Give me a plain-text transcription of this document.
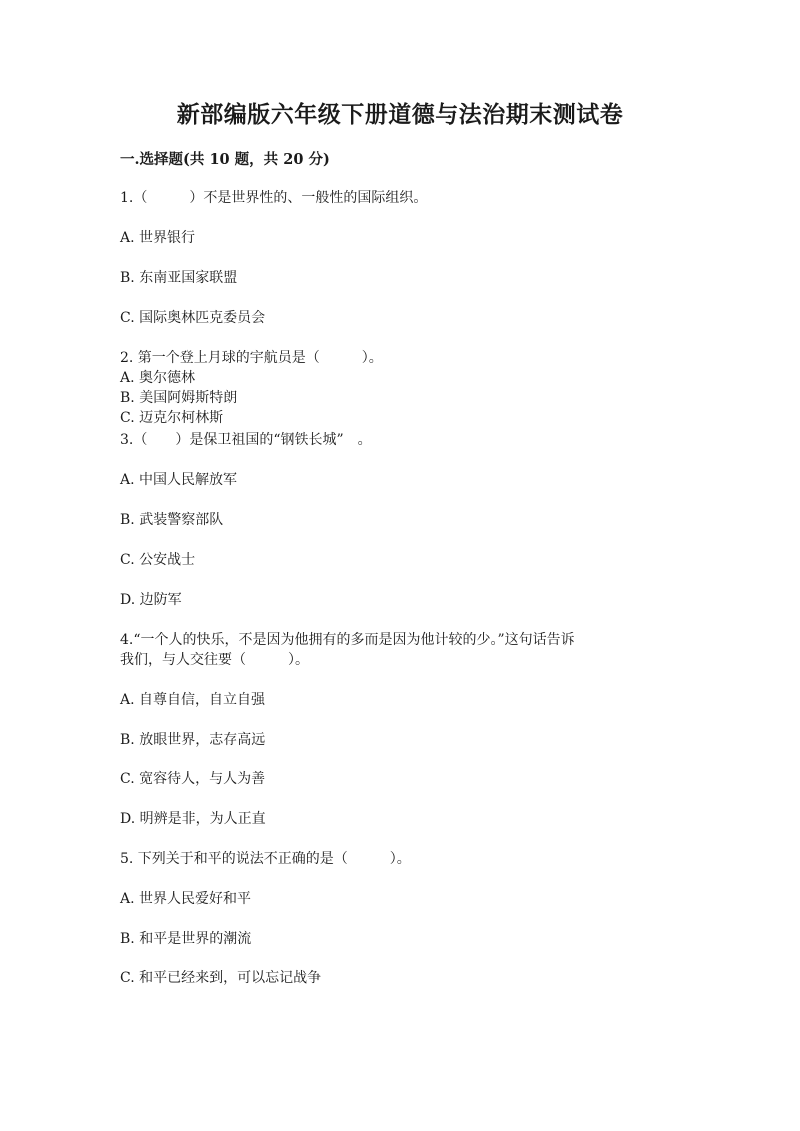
新部编版六年级下册道德与法治期末测试卷
一.选择题(共 10 题，共 20 分)

1.（　　　）不是世界性的、一般性的国际组织。

A. 世界银行

B. 东南亚国家联盟

C. 国际奥林匹克委员会

2. 第一个登上月球的宇航员是（　　　）。

A. 奥尔德林

B. 美国阿姆斯特朗

C. 迈克尔柯林斯

3.（　　）是保卫祖国的“钢铁长城”　。

A. 中国人民解放军

B. 武装警察部队

C. 公安战士

D. 边防军

4.“一个人的快乐，不是因为他拥有的多而是因为他计较的少。”这句话告诉

我们，与人交往要（　　　）。

A. 自尊自信，自立自强

B. 放眼世界，志存高远

C. 宽容待人，与人为善

D. 明辨是非，为人正直

5. 下列关于和平的说法不正确的是（　　　）。

A. 世界人民爱好和平

B. 和平是世界的潮流

C. 和平已经来到，可以忘记战争
